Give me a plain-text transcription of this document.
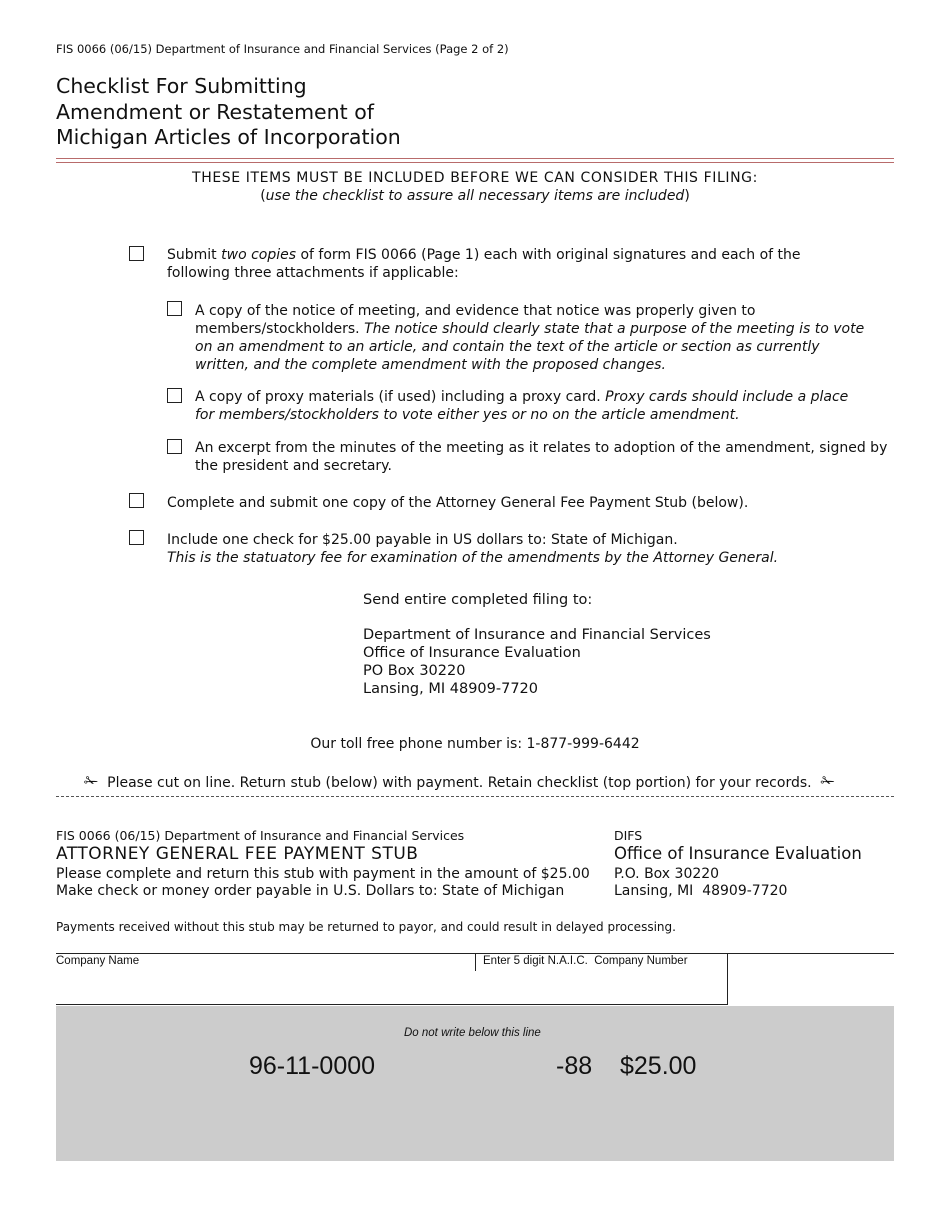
FIS 0066 (06/15) Department of Insurance and Financial Services (Page 2 of 2)
Checklist For Submitting
Amendment or Restatement of
Michigan Articles of Incorporation
THESE ITEMS MUST BE INCLUDED BEFORE WE CAN CONSIDER THIS FILING:
(use the checklist to assure all necessary items are included)
Submit two copies of form FIS 0066 (Page 1) each with original signatures and each of the following three attachments if applicable:
A copy of the notice of meeting, and evidence that notice was properly given to members/stockholders. The notice should clearly state that a purpose of the meeting is to vote on an amendment to an article, and contain the text of the article or section as currently written, and the complete amendment with the proposed changes.
A copy of proxy materials (if used) including a proxy card. Proxy cards should include a place for members/stockholders to vote either yes or no on the article amendment.
An excerpt from the minutes of the meeting as it relates to adoption of the amendment, signed by the president and secretary.
Complete and submit one copy of the Attorney General Fee Payment Stub (below).
Include one check for $25.00 payable in US dollars to: State of Michigan.
This is the statuatory fee for examination of the amendments by the Attorney General.
Send entire completed filing to:
Department of Insurance and Financial Services
Office of Insurance Evaluation
PO Box 30220
Lansing, MI 48909-7720
Our toll free phone number is: 1-877-999-6442
✁ Please cut on line. Return stub (below) with payment. Retain checklist (top portion) for your records. ✁
FIS 0066 (06/15) Department of Insurance and Financial Services
ATTORNEY GENERAL FEE PAYMENT STUB
Please complete and return this stub with payment in the amount of $25.00
Make check or money order payable in U.S. Dollars to: State of Michigan
DIFS
Office of Insurance Evaluation
P.O. Box 30220
Lansing, MI  48909-7720
Payments received without this stub may be returned to payor, and could result in delayed processing.
Company Name	Enter 5 digit N.A.I.C.  Company Number
Do not write below this line
96-11-0000	-88 $25.00
